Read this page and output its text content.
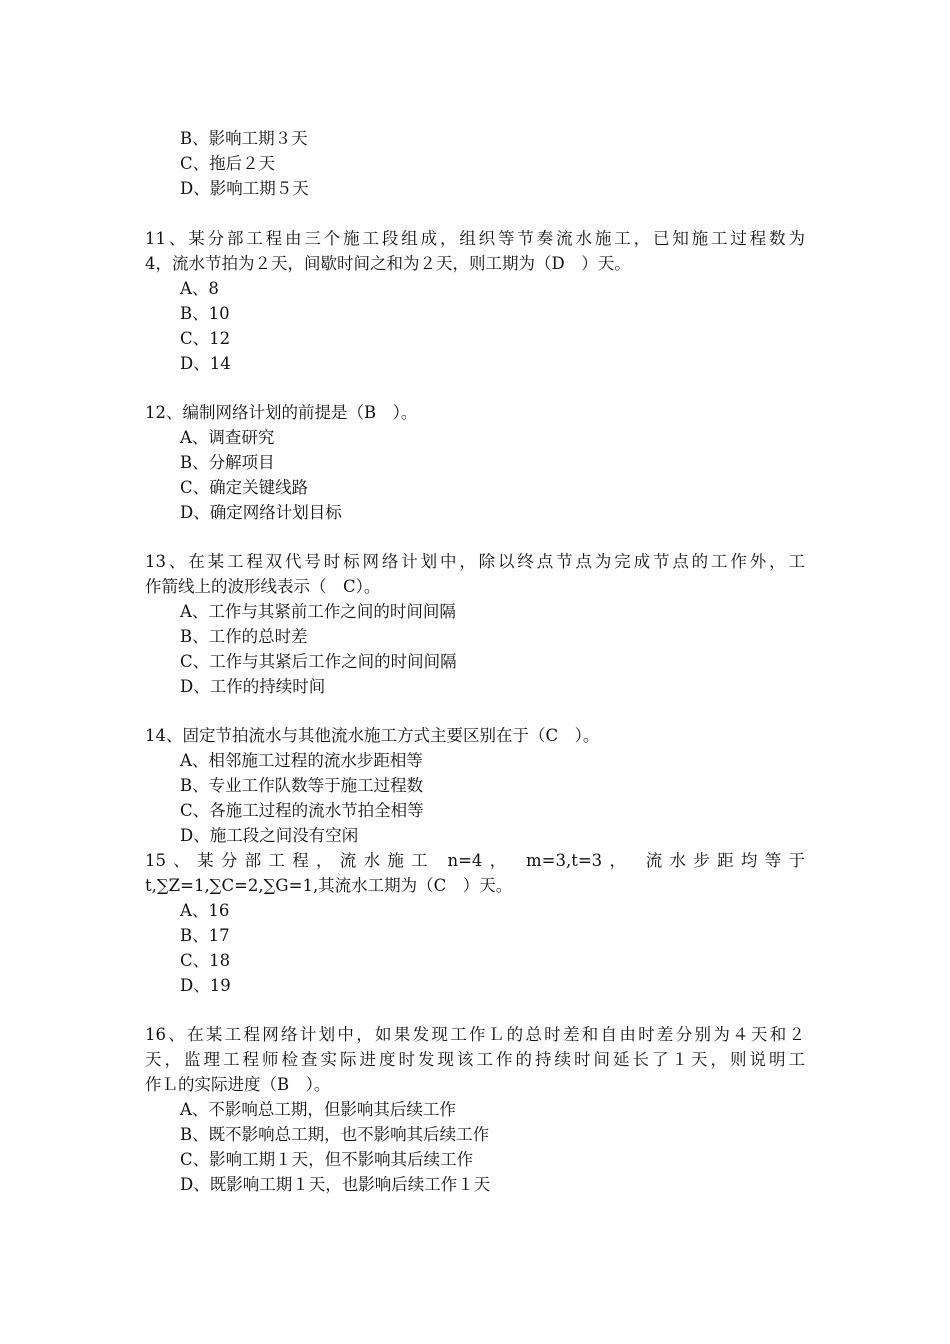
B、影响工期３天
C、拖后２天
D、影响工期５天
11、某分部工程由三个施工段组成，组织等节奏流水施工，已知施工过程数为
4，流水节拍为２天，间歇时间之和为２天，则工期为（D　）天。
A、8
B、10
C、12
D、14
12、编制网络计划的前提是（B　）。
A、调查研究
B、分解项目
C、确定关键线路
D、确定网络计划目标
13、在某工程双代号时标网络计划中，除以终点节点为完成节点的工作外，工
作箭线上的波形线表示（　C）。
A、工作与其紧前工作之间的时间间隔
B、工作的总时差
C、工作与其紧后工作之间的时间间隔
D、工作的持续时间
14、固定节拍流水与其他流水施工方式主要区别在于（C　）。
A、相邻施工过程的流水步距相等
B、专业工作队数等于施工过程数
C、各施工过程的流水节拍全相等
D、施工段之间没有空闲
15、某分部工程，流水施工 n=4， m=3,t=3， 流水步距均等于
t,∑Z=1,∑C=2,∑G=1,其流水工期为（C　）天。
A、16
B、17
C、18
D、19
16、在某工程网络计划中，如果发现工作Ｌ的总时差和自由时差分别为４天和２
天，监理工程师检查实际进度时发现该工作的持续时间延长了１天，则说明工
作Ｌ的实际进度（B　）。
A、不影响总工期，但影响其后续工作
B、既不影响总工期，也不影响其后续工作
C、影响工期１天，但不影响其后续工作
D、既影响工期１天，也影响后续工作１天
